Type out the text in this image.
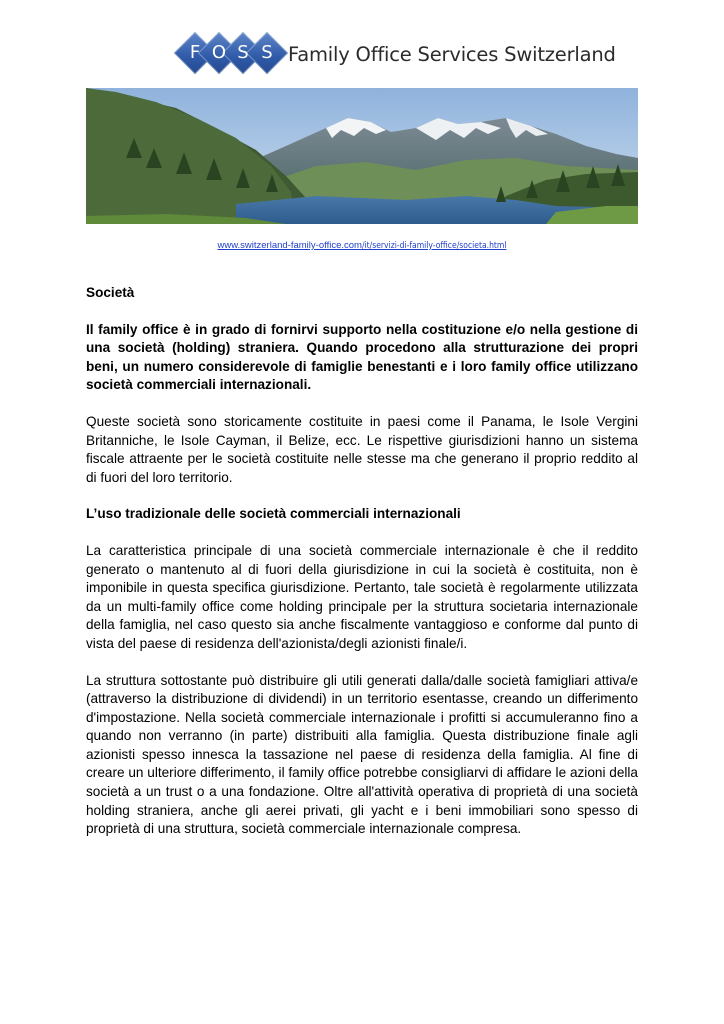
F O S S Family Office Services Switzerland
www.switzerland-family-office.com/it/servizi-di-family-office/societa.html
Società

Il family office è in grado di fornirvi supporto nella costituzione e/o nella gestione di una società (holding) straniera. Quando procedono alla strutturazione dei propri beni, un numero considerevole di famiglie benestanti e i loro family office utilizzano società commerciali internazionali.

Queste società sono storicamente costituite in paesi come il Panama, le Isole Vergini Britanniche, le Isole Cayman, il Belize, ecc. Le rispettive giurisdizioni hanno un sistema fiscale attraente per le società costituite nelle stesse ma che generano il proprio reddito al di fuori del loro territorio.

L’uso tradizionale delle società commerciali internazionali

La caratteristica principale di una società commerciale internazionale è che il reddito generato o mantenuto al di fuori della giurisdizione in cui la società è costituita, non è imponibile in questa specifica giurisdizione. Pertanto, tale società è regolarmente utilizzata da un multi-family office come holding principale per la struttura societaria internazionale della famiglia, nel caso questo sia anche fiscalmente vantaggioso e conforme dal punto di vista del paese di residenza dell'azionista/degli azionisti finale/i.

La struttura sottostante può distribuire gli utili generati dalla/dalle società famigliari attiva/e (attraverso la distribuzione di dividendi) in un territorio esentasse, creando un differimento d'impostazione. Nella società commerciale internazionale i profitti si accumuleranno fino a quando non verranno (in parte) distribuiti alla famiglia. Questa distribuzione finale agli azionisti spesso innesca la tassazione nel paese di residenza della famiglia. Al fine di creare un ulteriore differimento, il family office potrebbe consigliarvi di affidare le azioni della società a un trust o a una fondazione. Oltre all'attività operativa di proprietà di una società holding straniera, anche gli aerei privati, gli yacht e i beni immobiliari sono spesso di proprietà di una struttura, società commerciale internazionale compresa.
